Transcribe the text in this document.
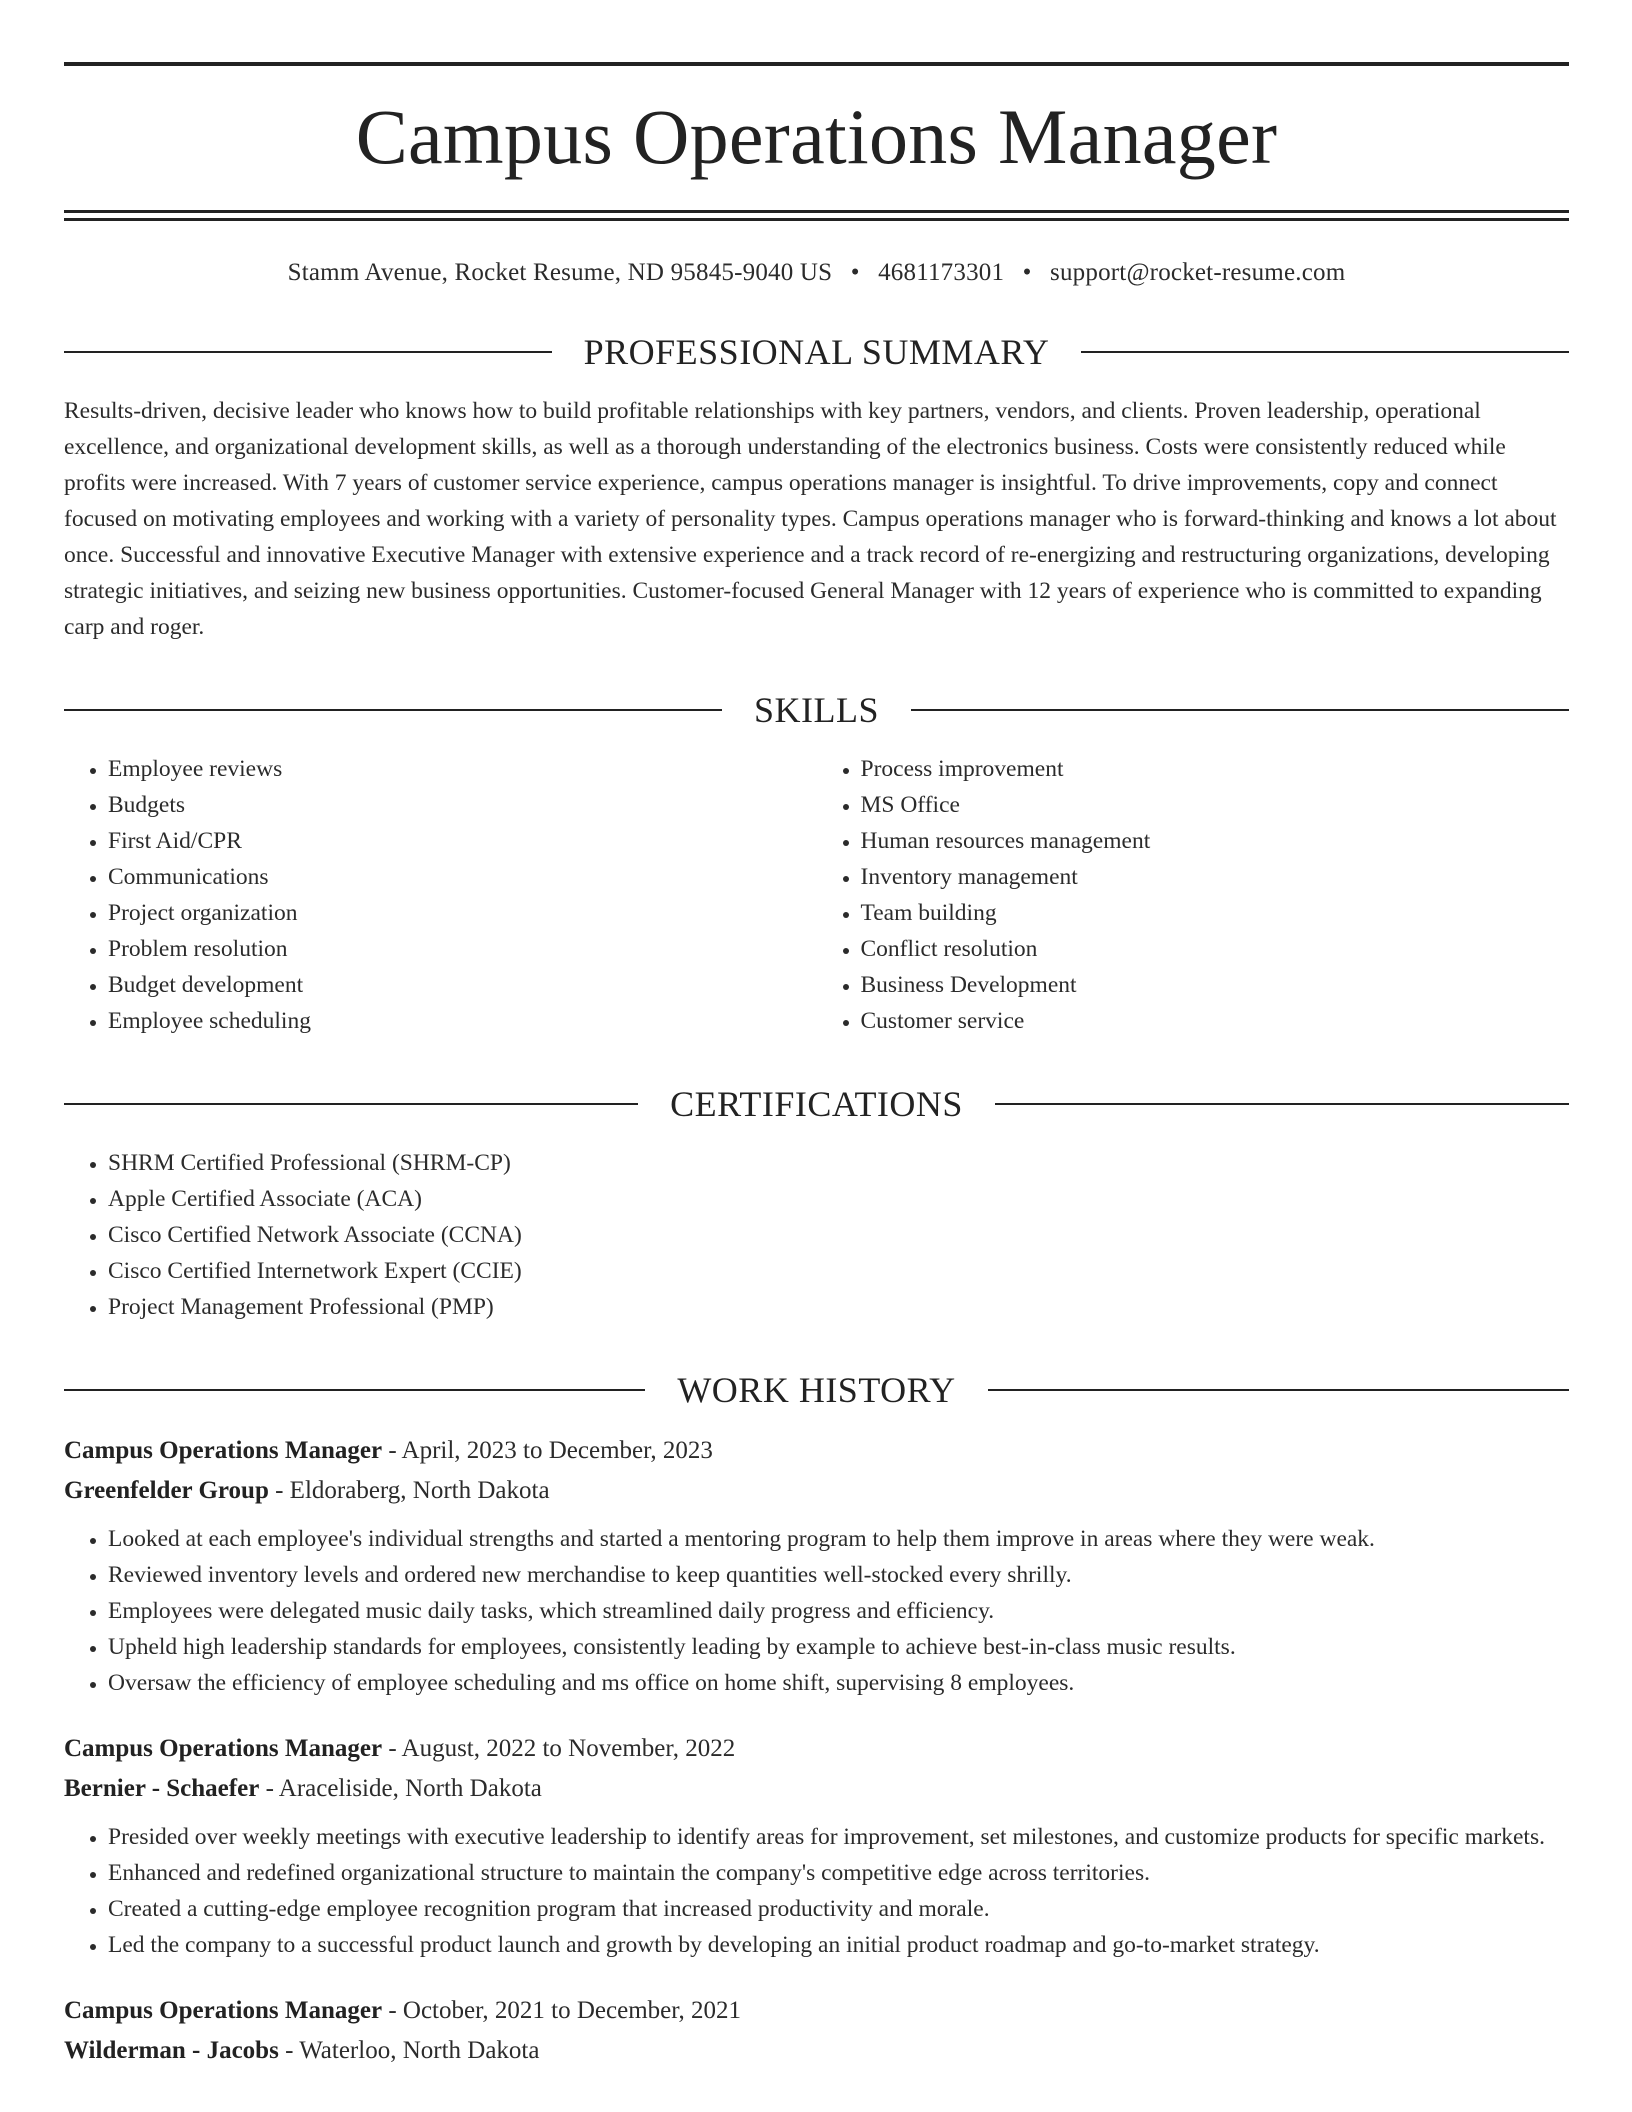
Campus Operations Manager
Stamm Avenue, Rocket Resume, ND 95845-9040 US • 4681173301 • support@rocket-resume.com
PROFESSIONAL SUMMARY

Results-driven, decisive leader who knows how to build profitable relationships with key partners, vendors, and clients. Proven leadership, operational excellence, and organizational development skills, as well as a thorough understanding of the electronics business. Costs were consistently reduced while profits were increased. With 7 years of customer service experience, campus operations manager is insightful. To drive improvements, copy and connect focused on motivating employees and working with a variety of personality types. Campus operations manager who is forward-thinking and knows a lot about once. Successful and innovative Executive Manager with extensive experience and a track record of re-energizing and restructuring organizations, developing strategic initiatives, and seizing new business opportunities. Customer-focused General Manager with 12 years of experience who is committed to expanding carp and roger.

SKILLS
• Employee reviews
• Budgets
• First Aid/CPR
• Communications
• Project organization
• Problem resolution
• Budget development
• Employee scheduling
• Process improvement
• MS Office
• Human resources management
• Inventory management
• Team building
• Conflict resolution
• Business Development
• Customer service
CERTIFICATIONS
• SHRM Certified Professional (SHRM-CP)
• Apple Certified Associate (ACA)
• Cisco Certified Network Associate (CCNA)
• Cisco Certified Internetwork Expert (CCIE)
• Project Management Professional (PMP)
WORK HISTORY
Campus Operations Manager - April, 2023 to December, 2023
Greenfelder Group - Eldoraberg, North Dakota
• Looked at each employee's individual strengths and started a mentoring program to help them improve in areas where they were weak.
• Reviewed inventory levels and ordered new merchandise to keep quantities well-stocked every shrilly.
• Employees were delegated music daily tasks, which streamlined daily progress and efficiency.
• Upheld high leadership standards for employees, consistently leading by example to achieve best-in-class music results.
• Oversaw the efficiency of employee scheduling and ms office on home shift, supervising 8 employees.
Campus Operations Manager - August, 2022 to November, 2022
Bernier - Schaefer - Araceliside, North Dakota
• Presided over weekly meetings with executive leadership to identify areas for improvement, set milestones, and customize products for specific markets.
• Enhanced and redefined organizational structure to maintain the company's competitive edge across territories.
• Created a cutting-edge employee recognition program that increased productivity and morale.
• Led the company to a successful product launch and growth by developing an initial product roadmap and go-to-market strategy.
Campus Operations Manager - October, 2021 to December, 2021
Wilderman - Jacobs - Waterloo, North Dakota
